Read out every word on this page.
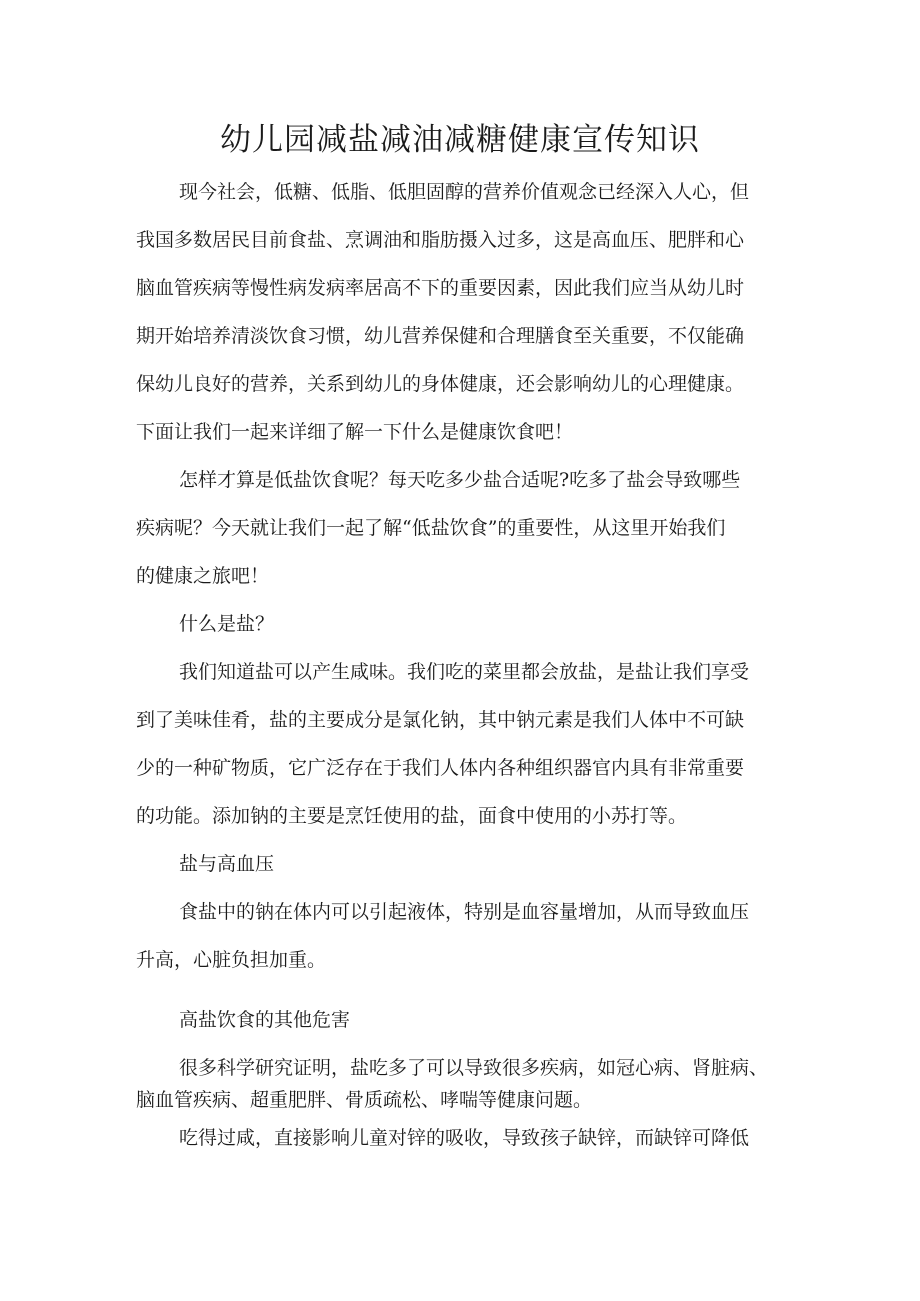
幼儿园减盐减油减糖健康宣传知识

现今社会，低糖、低脂、低胆固醇的营养价值观念已经深入人心，但
我国多数居民目前食盐、烹调油和脂肪摄入过多，这是高血压、肥胖和心
脑血管疾病等慢性病发病率居高不下的重要因素，因此我们应当从幼儿时
期开始培养清淡饮食习惯，幼儿营养保健和合理膳食至关重要，不仅能确
保幼儿良好的营养，关系到幼儿的身体健康，还会影响幼儿的心理健康。
下面让我们一起来详细了解一下什么是健康饮食吧！

怎样才算是低盐饮食呢？每天吃多少盐合适呢?吃多了盐会导致哪些
疾病呢？今天就让我们一起了解“低盐饮食”的重要性，从这里开始我们
的健康之旅吧！

什么是盐？

我们知道盐可以产生咸味。我们吃的菜里都会放盐，是盐让我们享受
到了美味佳肴，盐的主要成分是氯化钠，其中钠元素是我们人体中不可缺
少的一种矿物质，它广泛存在于我们人体内各种组织器官内具有非常重要
的功能。添加钠的主要是烹饪使用的盐，面食中使用的小苏打等。

盐与高血压

食盐中的钠在体内可以引起液体，特别是血容量增加，从而导致血压
升高，心脏负担加重。

高盐饮食的其他危害

很多科学研究证明，盐吃多了可以导致很多疾病，如冠心病、肾脏病、
脑血管疾病、超重肥胖、骨质疏松、哮喘等健康问题。

吃得过咸，直接影响儿童对锌的吸收，导致孩子缺锌，而缺锌可降低
